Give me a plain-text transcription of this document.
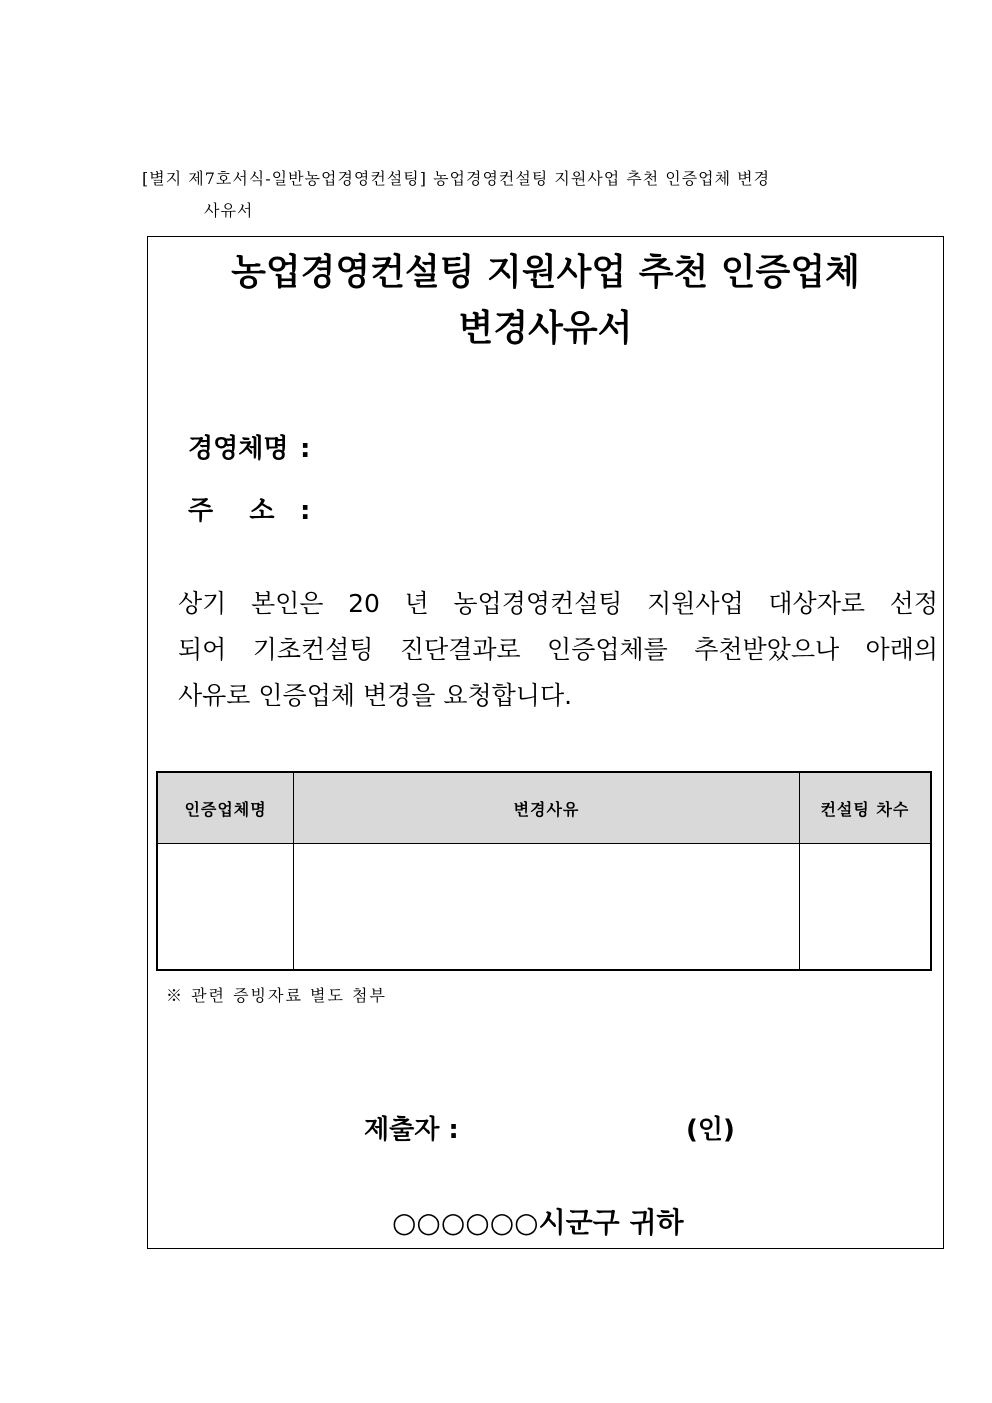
[별지 제7호서식-일반농업경영컨설팅] 농업경영컨설팅 지원사업 추천 인증업체 변경
사유서
농업경영컨설팅 지원사업 추천 인증업체
변경사유서
경영체명 :
주    소 :
상기 본인은 20 년 농업경영컨설팅 지원사업 대상자로 선정
되어 기초컨설팅 진단결과로 인증업체를 추천받았으나 아래의
사유로 인증업체 변경을 요청합니다.
인증업체명	변경사유	컨설팅 차수

※ 관련 증빙자료 별도 첨부
제출자 :	(인)
○○○○○○시군구 귀하
